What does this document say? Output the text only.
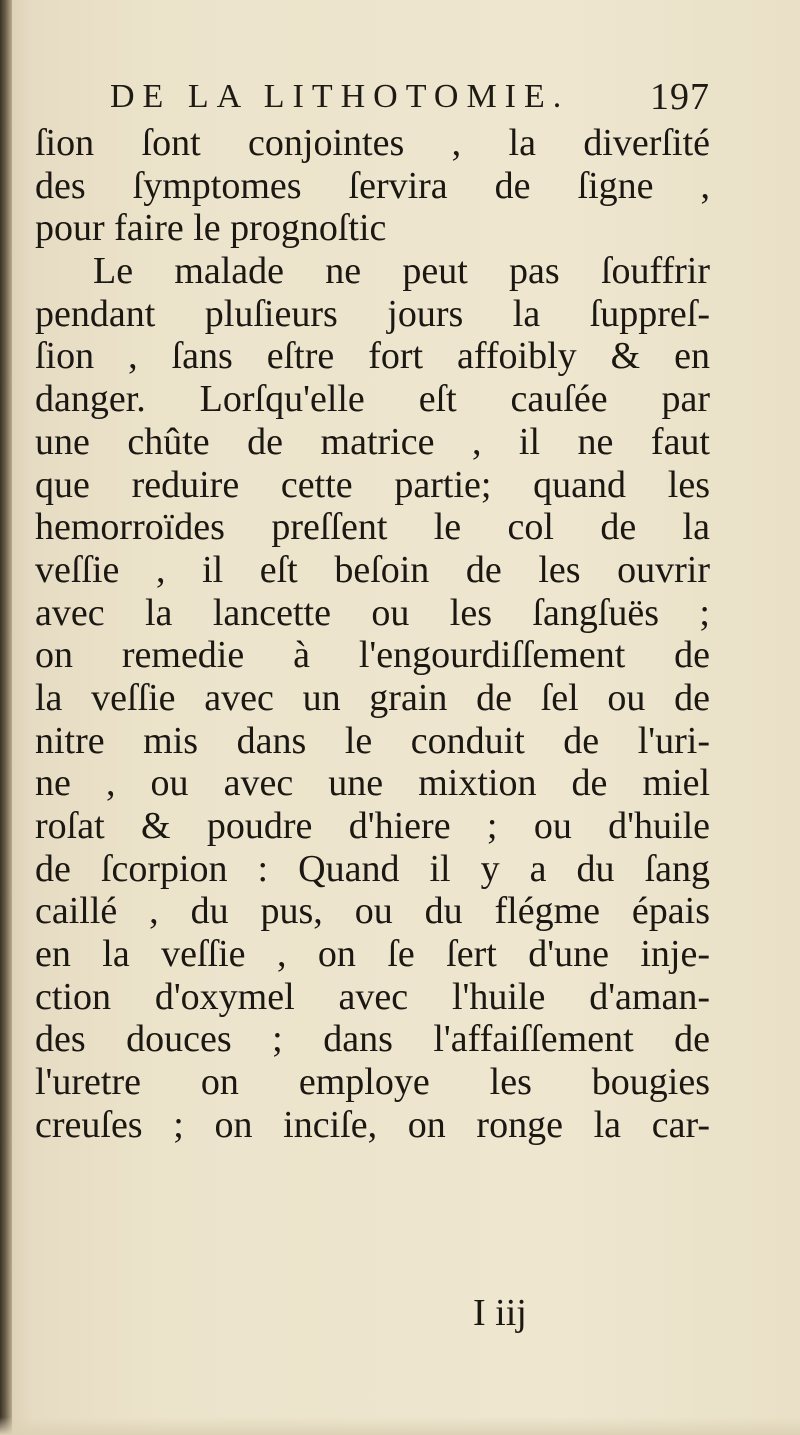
DE LA LITHOTOMIE. 197
ſion ſont conjointes , la diverſité
des ſymptomes ſervira de ſigne ,
pour faire le prognoſtic
Le malade ne peut pas ſouffrir
pendant pluſieurs jours la ſuppreſ-
ſion , ſans eſtre fort affoibly & en
danger. Lorſqu'elle eſt cauſée par
une chûte de matrice , il ne faut
que reduire cette partie; quand les
hemorroïdes preſſent le col de la
veſſie , il eſt beſoin de les ouvrir
avec la lancette ou les ſangſuës ;
on remedie à l'engourdiſſement de
la veſſie avec un grain de ſel ou de
nitre mis dans le conduit de l'uri-
ne , ou avec une mixtion de miel
roſat & poudre d'hiere ; ou d'huile
de ſcorpion : Quand il y a du ſang
caillé , du pus, ou du flégme épais
en la veſſie , on ſe ſert d'une inje-
ction d'oxymel avec l'huile d'aman-
des douces ; dans l'affaiſſement de
l'uretre on employe les bougies
creuſes ; on inciſe, on ronge la car-
I iij
